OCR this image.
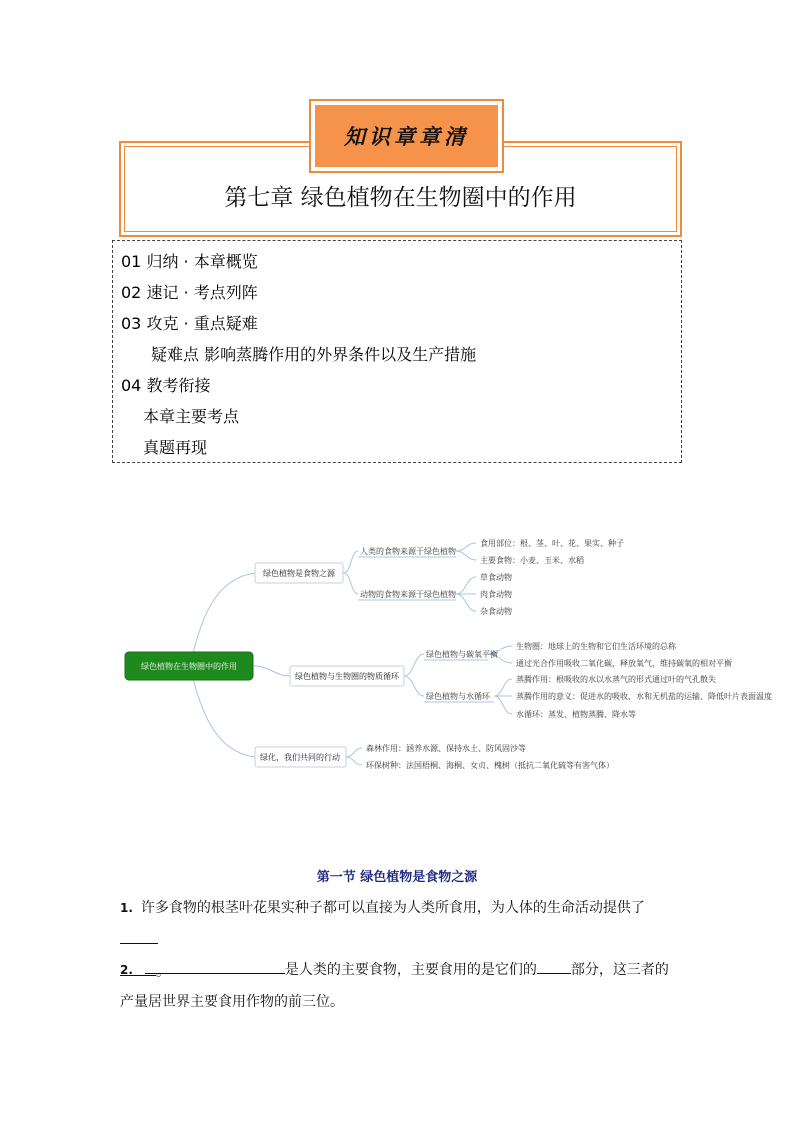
第七章 绿色植物在生物圈中的作用
知识章章清
01 归纳 · 本章概览
02 速记 · 考点列阵
03 攻克 · 重点疑难
疑难点 影响蒸腾作用的外界条件以及生产措施
04 教考衔接
本章主要考点
真题再现
绿色植物在生物圈中的作用
绿色植物是食物之源
绿色植物与生物圈的物质循环
绿化，我们共同的行动
人类的食物来源于绿色植物
动物的食物来源于绿色植物
绿色植物与碳氧平衡
绿色植物与水循环
食用部位：根、茎、叶、花、果实、种子
主要食物：小麦、玉米、水稻
草食动物
肉食动物
杂食动物
生物圈：地球上的生物和它们生活环境的总称
通过光合作用吸收二氧化碳，释放氧气，维持碳氧的相对平衡
蒸腾作用：根吸收的水以水蒸气的形式通过叶的气孔散失
蒸腾作用的意义：促进水的吸收、水和无机盐的运输、降低叶片表面温度
水循环：蒸发、植物蒸腾、降水等
森林作用：涵养水源、保持水土、防风固沙等
环保树种：法国梧桐、海桐、女贞、槐树（抵抗二氧化硫等有害气体）
第一节 绿色植物是食物之源
1. 许多食物的根茎叶花果实种子都可以直接为人类所食用，为人体的生命活动提供了
。
2.	是人类的主要食物，主要食用的是它们的 部分，这三者的产量居世界主要食用作物的前三位。
